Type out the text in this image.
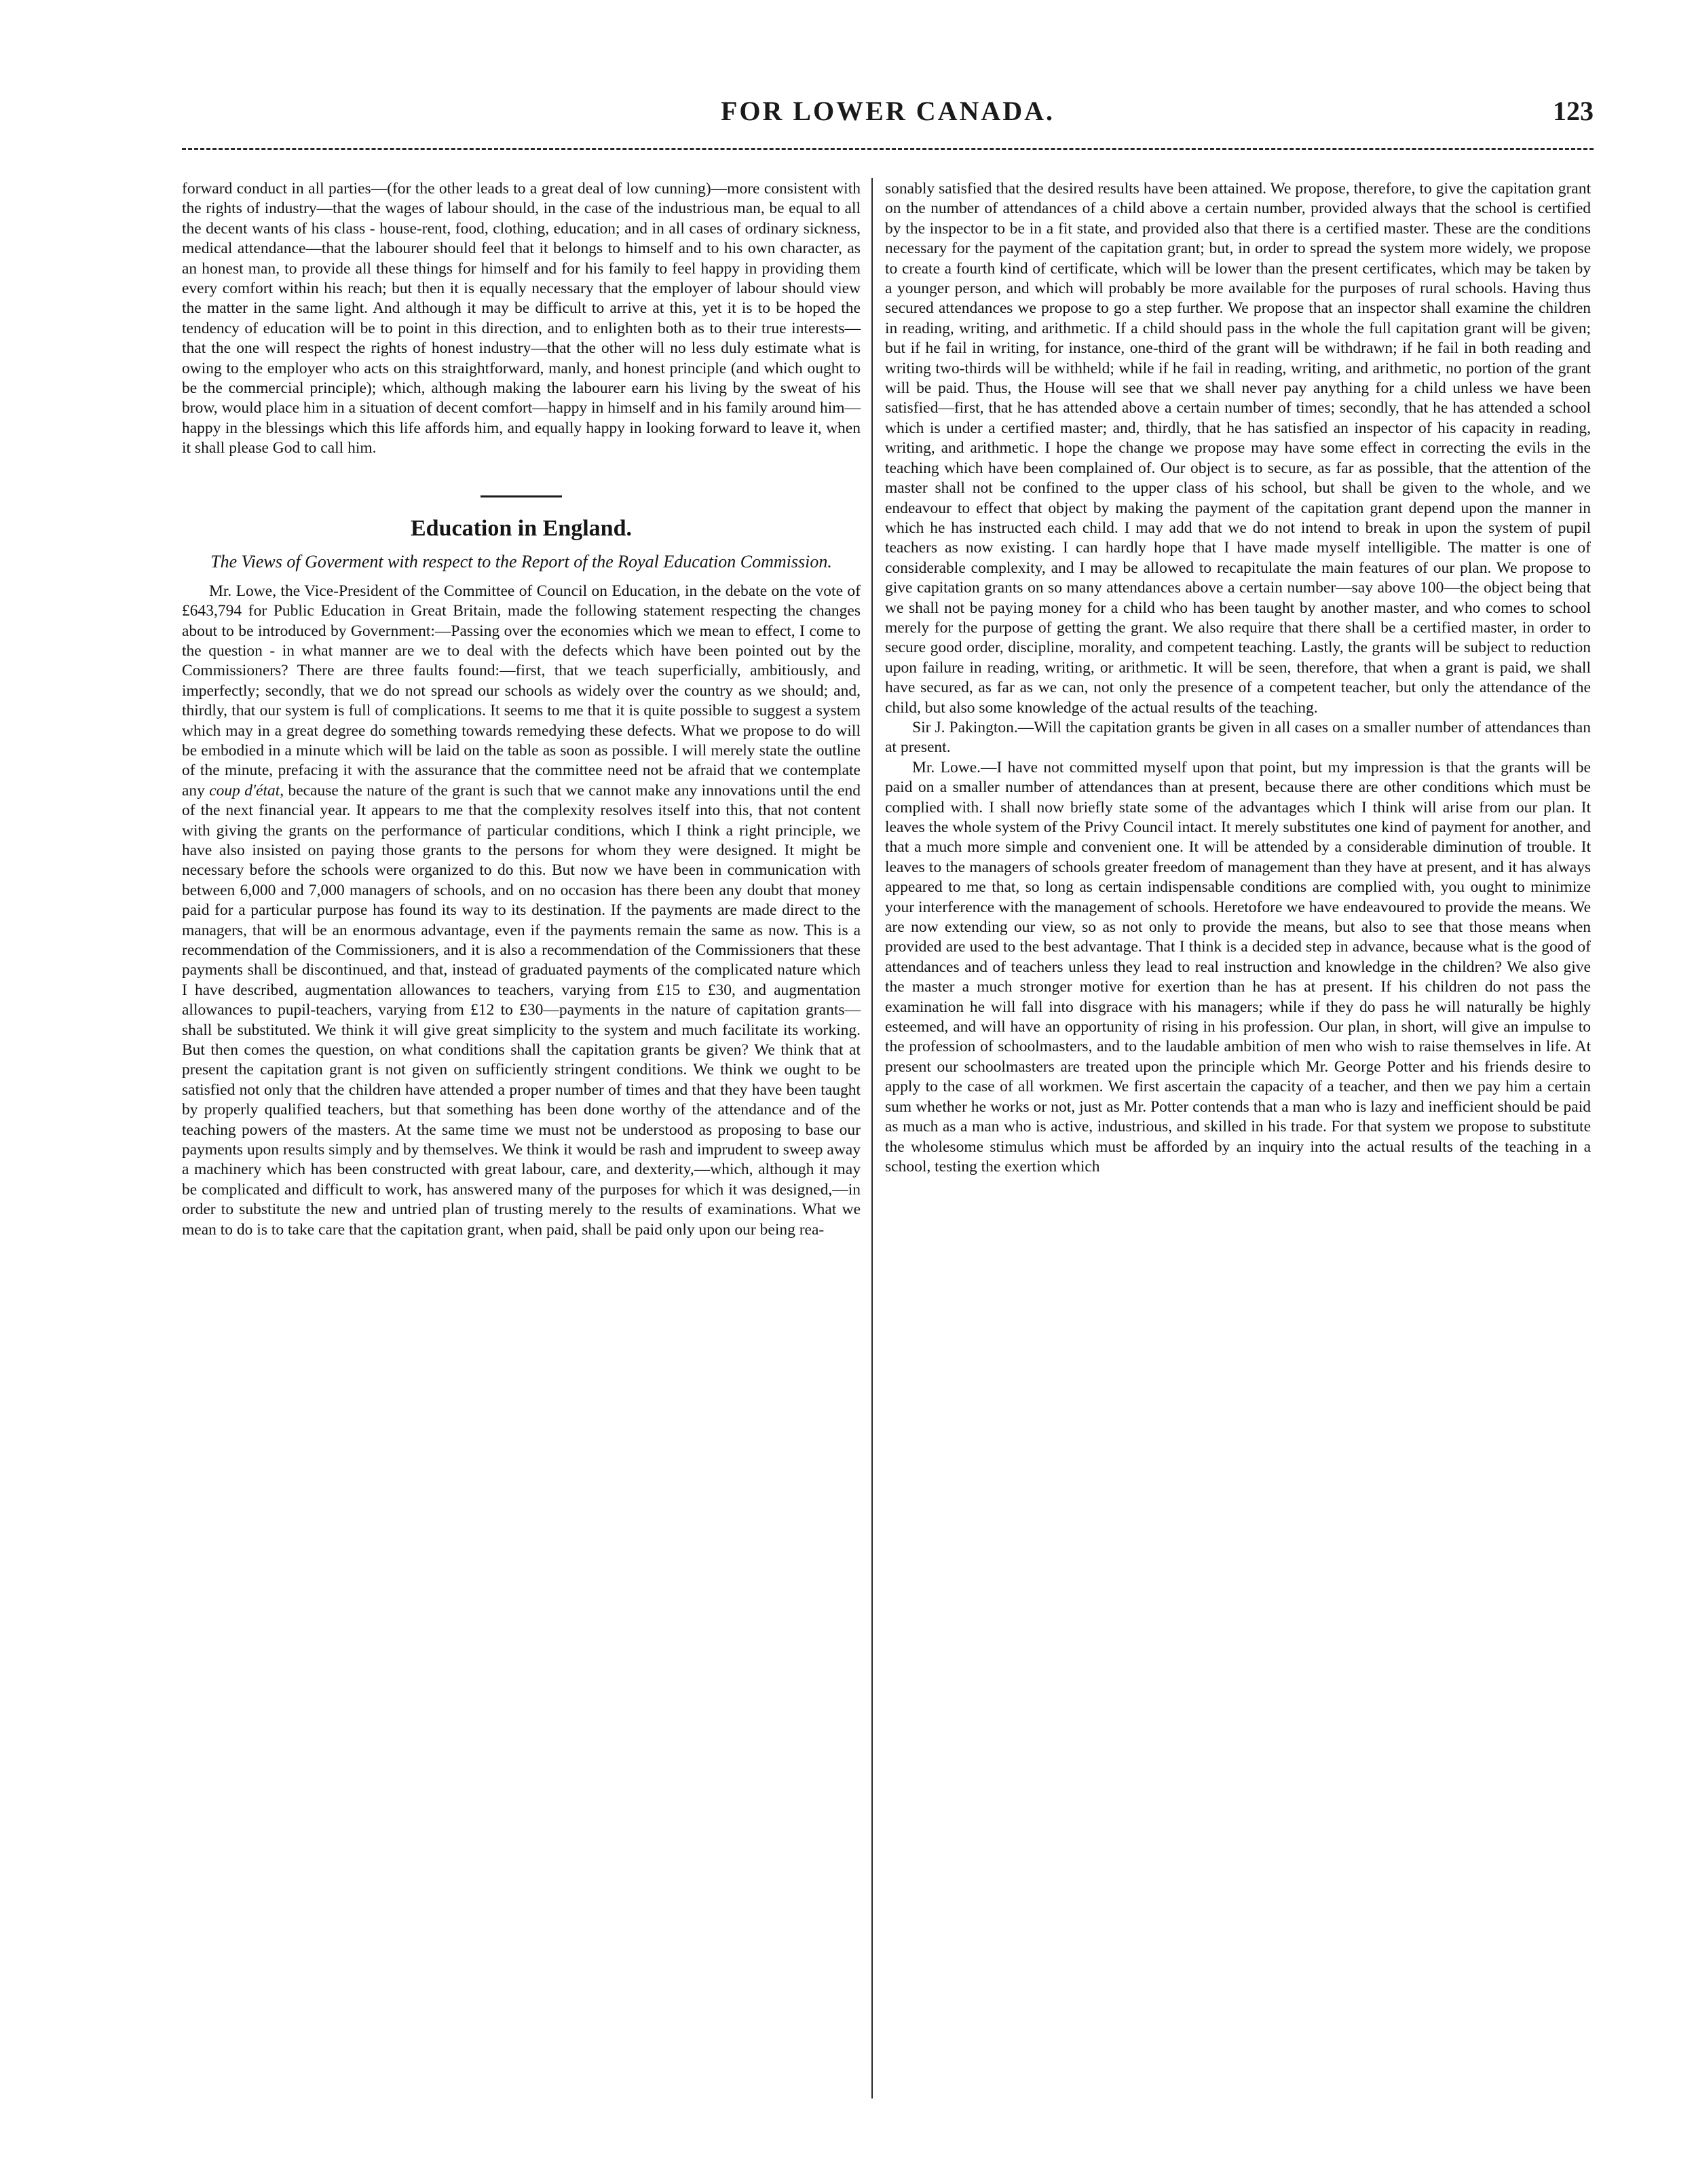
FOR LOWER CANADA.	123

forward conduct in all parties—(for the other leads to a great deal of low cunning)—more consistent with the rights of industry—that the wages of labour should, in the case of the industrious man, be equal to all the decent wants of his class - house-rent, food, clothing, education; and in all cases of ordinary sickness, medical attendance—that the labourer should feel that it belongs to himself and to his own character, as an honest man, to provide all these things for himself and for his family to feel happy in providing them every comfort within his reach; but then it is equally necessary that the employer of labour should view the matter in the same light. And although it may be difficult to arrive at this, yet it is to be hoped the tendency of education will be to point in this direction, and to enlighten both as to their true interests—that the one will respect the rights of honest industry—that the other will no less duly estimate what is owing to the employer who acts on this straightforward, manly, and honest principle (and which ought to be the commercial principle); which, although making the labourer earn his living by the sweat of his brow, would place him in a situation of decent comfort—happy in himself and in his family around him—happy in the blessings which this life affords him, and equally happy in looking forward to leave it, when it shall please God to call him.

Education in England.
The Views of Goverment with respect to the Report of the Royal Education Commission.

Mr. Lowe, the Vice-President of the Committee of Council on Education, in the debate on the vote of £643,794 for Public Education in Great Britain, made the following statement respecting the changes about to be introduced by Government:—Passing over the economies which we mean to effect, I come to the question - in what manner are we to deal with the defects which have been pointed out by the Commissioners? There are three faults found:—first, that we teach superficially, ambitiously, and imperfectly; secondly, that we do not spread our schools as widely over the country as we should; and, thirdly, that our system is full of complications. It seems to me that it is quite possible to suggest a system which may in a great degree do something towards remedying these defects. What we propose to do will be embodied in a minute which will be laid on the table as soon as possible. I will merely state the outline of the minute, prefacing it with the assurance that the committee need not be afraid that we contemplate any coup d'état, because the nature of the grant is such that we cannot make any innovations until the end of the next financial year. It appears to me that the complexity resolves itself into this, that not content with giving the grants on the performance of particular conditions, which I think a right principle, we have also insisted on paying those grants to the persons for whom they were designed. It might be necessary before the schools were organized to do this. But now we have been in communication with between 6,000 and 7,000 managers of schools, and on no occasion has there been any doubt that money paid for a particular purpose has found its way to its destination. If the payments are made direct to the managers, that will be an enormous advantage, even if the payments remain the same as now. This is a recommendation of the Commissioners, and it is also a recommendation of the Commissioners that these payments shall be discontinued, and that, instead of graduated payments of the complicated nature which I have described, augmentation allowances to teachers, varying from £15 to £30, and augmentation allowances to pupil-teachers, varying from £12 to £30—payments in the nature of capitation grants—shall be substituted. We think it will give great simplicity to the system and much facilitate its working. But then comes the question, on what conditions shall the capitation grants be given? We think that at present the capitation grant is not given on sufficiently stringent conditions. We think we ought to be satisfied not only that the children have attended a proper number of times and that they have been taught by properly qualified teachers, but that something has been done worthy of the attendance and of the teaching powers of the masters. At the same time we must not be understood as proposing to base our payments upon results simply and by themselves. We think it would be rash and imprudent to sweep away a machinery which has been constructed with great labour, care, and dexterity,—which, although it may be complicated and difficult to work, has answered many of the purposes for which it was designed,—in order to substitute the new and untried plan of trusting merely to the results of examinations. What we mean to do is to take care that the capitation grant, when paid, shall be paid only upon our being rea-

sonably satisfied that the desired results have been attained. We propose, therefore, to give the capitation grant on the number of attendances of a child above a certain number, provided always that the school is certified by the inspector to be in a fit state, and provided also that there is a certified master. These are the conditions necessary for the payment of the capitation grant; but, in order to spread the system more widely, we propose to create a fourth kind of certificate, which will be lower than the present certificates, which may be taken by a younger person, and which will probably be more available for the purposes of rural schools. Having thus secured attendances we propose to go a step further. We propose that an inspector shall examine the children in reading, writing, and arithmetic. If a child should pass in the whole the full capitation grant will be given; but if he fail in writing, for instance, one-third of the grant will be withdrawn; if he fail in both reading and writing two-thirds will be withheld; while if he fail in reading, writing, and arithmetic, no portion of the grant will be paid. Thus, the House will see that we shall never pay anything for a child unless we have been satisfied—first, that he has attended above a certain number of times; secondly, that he has attended a school which is under a certified master; and, thirdly, that he has satisfied an inspector of his capacity in reading, writing, and arithmetic. I hope the change we propose may have some effect in correcting the evils in the teaching which have been complained of. Our object is to secure, as far as possible, that the attention of the master shall not be confined to the upper class of his school, but shall be given to the whole, and we endeavour to effect that object by making the payment of the capitation grant depend upon the manner in which he has instructed each child. I may add that we do not intend to break in upon the system of pupil teachers as now existing. I can hardly hope that I have made myself intelligible. The matter is one of considerable complexity, and I may be allowed to recapitulate the main features of our plan. We propose to give capitation grants on so many attendances above a certain number—say above 100—the object being that we shall not be paying money for a child who has been taught by another master, and who comes to school merely for the purpose of getting the grant. We also require that there shall be a certified master, in order to secure good order, discipline, morality, and competent teaching. Lastly, the grants will be subject to reduction upon failure in reading, writing, or arithmetic. It will be seen, therefore, that when a grant is paid, we shall have secured, as far as we can, not only the presence of a competent teacher, but only the attendance of the child, but also some knowledge of the actual results of the teaching.

Sir J. Pakington.—Will the capitation grants be given in all cases on a smaller number of attendances than at present.

Mr. Lowe.—I have not committed myself upon that point, but my impression is that the grants will be paid on a smaller number of attendances than at present, because there are other conditions which must be complied with. I shall now briefly state some of the advantages which I think will arise from our plan. It leaves the whole system of the Privy Council intact. It merely substitutes one kind of payment for another, and that a much more simple and convenient one. It will be attended by a considerable diminution of trouble. It leaves to the managers of schools greater freedom of management than they have at present, and it has always appeared to me that, so long as certain indispensable conditions are complied with, you ought to minimize your interference with the management of schools. Heretofore we have endeavoured to provide the means. We are now extending our view, so as not only to provide the means, but also to see that those means when provided are used to the best advantage. That I think is a decided step in advance, because what is the good of attendances and of teachers unless they lead to real instruction and knowledge in the children? We also give the master a much stronger motive for exertion than he has at present. If his children do not pass the examination he will fall into disgrace with his managers; while if they do pass he will naturally be highly esteemed, and will have an opportunity of rising in his profession. Our plan, in short, will give an impulse to the profession of schoolmasters, and to the laudable ambition of men who wish to raise themselves in life. At present our schoolmasters are treated upon the principle which Mr. George Potter and his friends desire to apply to the case of all workmen. We first ascertain the capacity of a teacher, and then we pay him a certain sum whether he works or not, just as Mr. Potter contends that a man who is lazy and inefficient should be paid as much as a man who is active, industrious, and skilled in his trade. For that system we propose to substitute the wholesome stimulus which must be afforded by an inquiry into the actual results of the teaching in a school, testing the exertion which
